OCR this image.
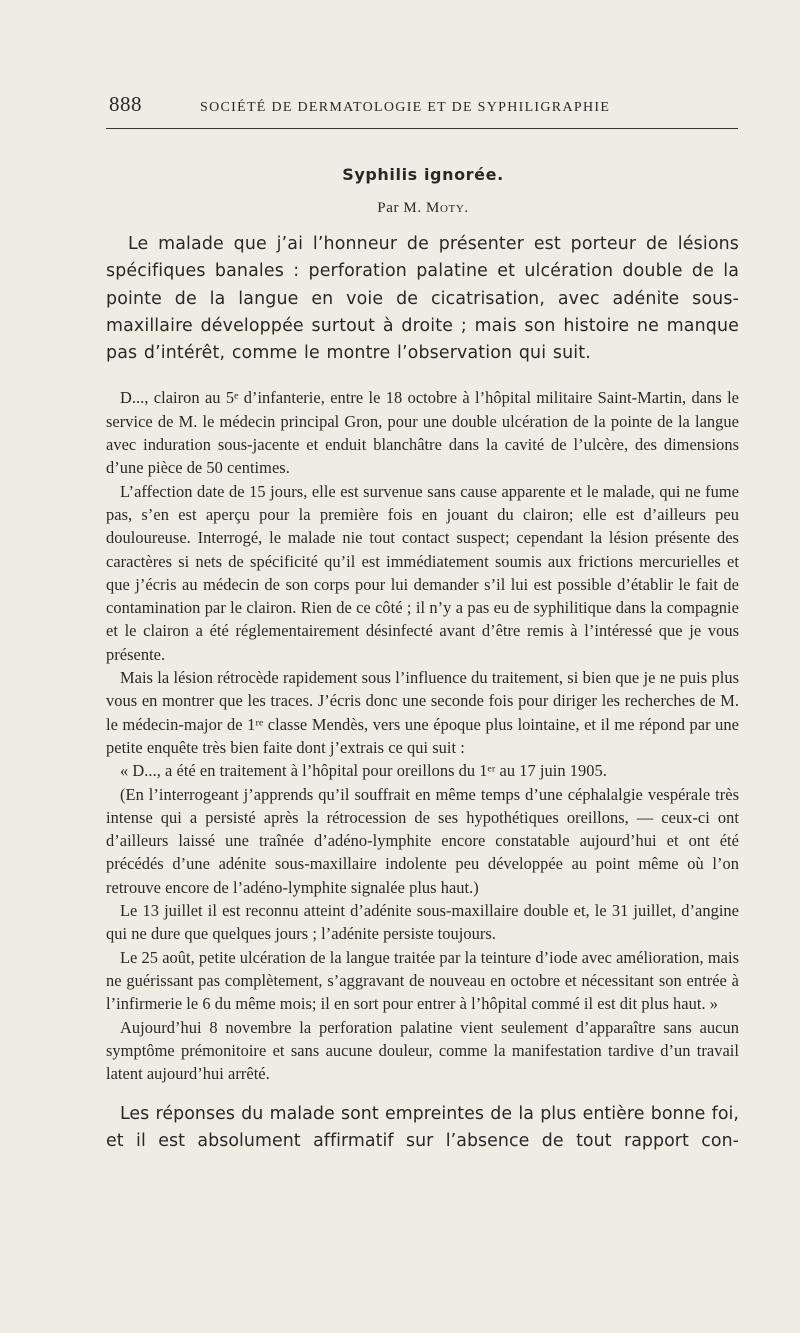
888	SOCIÉTÉ DE DERMATOLOGIE ET DE SYPHILIGRAPHIE
Syphilis ignorée.
Par M. Moty.

Le malade que j’ai l’honneur de présenter est porteur de lésions spécifiques banales : perforation palatine et ulcération double de la pointe de la langue en voie de cicatrisation, avec adénite sous-maxillaire développée surtout à droite ; mais son histoire ne manque pas d’intérêt, comme le montre l’observation qui suit.

D..., clairon au 5ᵉ d’infanterie, entre le 18 octobre à l’hôpital militaire Saint-Martin, dans le service de M. le médecin principal Gron, pour une double ulcération de la pointe de la langue avec induration sous-jacente et enduit blanchâtre dans la cavité de l’ulcère, des dimensions d’une pièce de 50 centimes.

L’affection date de 15 jours, elle est survenue sans cause apparente et le malade, qui ne fume pas, s’en est aperçu pour la première fois en jouant du clairon; elle est d’ailleurs peu douloureuse. Interrogé, le malade nie tout contact suspect; cependant la lésion présente des caractères si nets de spécificité qu’il est immédiatement soumis aux frictions mercurielles et que j’écris au médecin de son corps pour lui demander s’il lui est possible d’établir le fait de contamination par le clairon. Rien de ce côté ; il n’y a pas eu de syphilitique dans la compagnie et le clairon a été réglementairement désinfecté avant d’être remis à l’intéressé que je vous présente.

Mais la lésion rétrocède rapidement sous l’influence du traitement, si bien que je ne puis plus vous en montrer que les traces. J’écris donc une seconde fois pour diriger les recherches de M. le médecin-major de 1ʳᵉ classe Mendès, vers une époque plus lointaine, et il me répond par une petite enquête très bien faite dont j’extrais ce qui suit :

« D..., a été en traitement à l’hôpital pour oreillons du 1ᵉʳ au 17 juin 1905.

(En l’interrogeant j’apprends qu’il souffrait en même temps d’une céphalalgie vespérale très intense qui a persisté après la rétrocession de ses hypothétiques oreillons, — ceux-ci ont d’ailleurs laissé une traînée d’adéno-lymphite encore constatable aujourd’hui et ont été précédés d’une adénite sous-maxillaire indolente peu développée au point même où l’on retrouve encore de l’adéno-lymphite signalée plus haut.)

Le 13 juillet il est reconnu atteint d’adénite sous-maxillaire double et, le 31 juillet, d’angine qui ne dure que quelques jours ; l’adénite persiste toujours.

Le 25 août, petite ulcération de la langue traitée par la teinture d’iode avec amélioration, mais ne guérissant pas complètement, s’aggravant de nouveau en octobre et nécessitant son entrée à l’infirmerie le 6 du même mois; il en sort pour entrer à l’hôpital commé il est dit plus haut. »

Aujourd’hui 8 novembre la perforation palatine vient seulement d’apparaître sans aucun symptôme prémonitoire et sans aucune douleur, comme la manifestation tardive d’un travail latent aujourd’hui arrêté.

Les réponses du malade sont empreintes de la plus entière bonne foi, et il est absolument affirmatif sur l’absence de tout rapport con-
